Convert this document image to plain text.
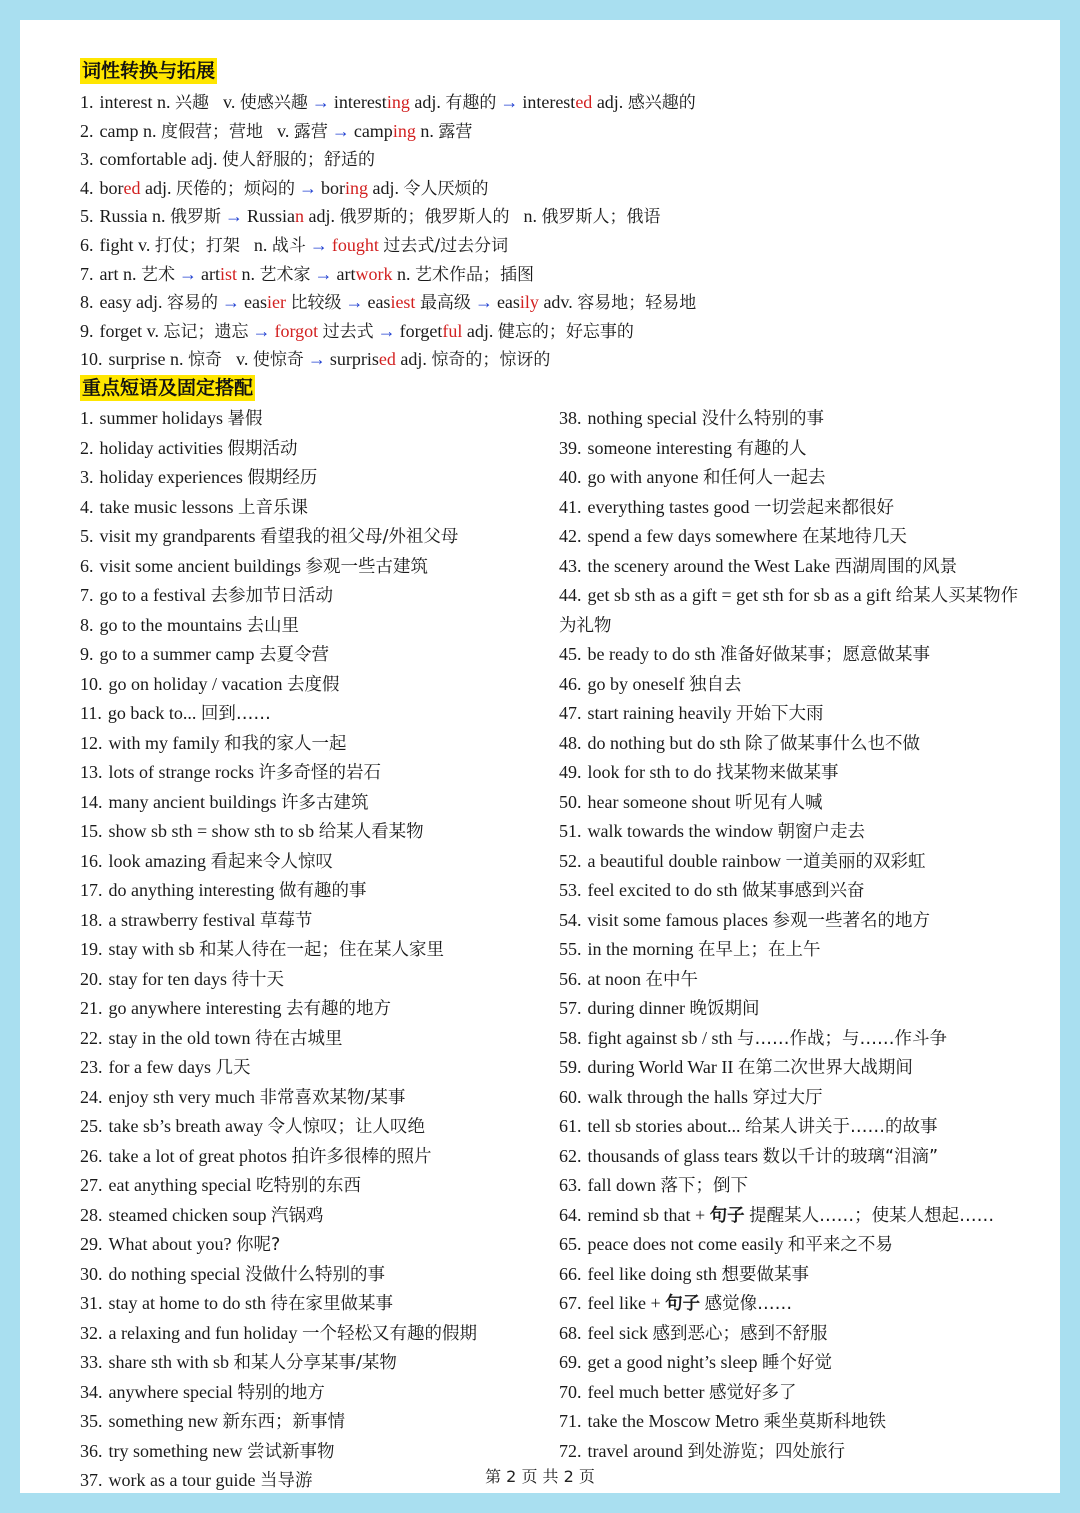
词性转换与拓展
1. interest n. 兴趣 v. 使感兴趣 → interesting adj. 有趣的 → interested adj. 感兴趣的
2. camp n. 度假营；营地 v. 露营 → camping n. 露营
3. comfortable adj. 使人舒服的；舒适的
4. bored adj. 厌倦的；烦闷的 → boring adj. 令人厌烦的
5. Russia n. 俄罗斯 → Russian adj. 俄罗斯的；俄罗斯人的 n. 俄罗斯人；俄语
6. fight v. 打仗；打架 n. 战斗 → fought 过去式/过去分词
7. art n. 艺术 → artist n. 艺术家 → artwork n. 艺术作品；插图
8. easy adj. 容易的 → easier 比较级 → easiest 最高级 → easily adv. 容易地；轻易地
9. forget v. 忘记；遗忘 → forgot 过去式 → forgetful adj. 健忘的；好忘事的
10. surprise n. 惊奇 v. 使惊奇 → surprised adj. 惊奇的；惊讶的
重点短语及固定搭配
1. summer holidays 暑假
2. holiday activities 假期活动
3. holiday experiences 假期经历
4. take music lessons 上音乐课
5. visit my grandparents 看望我的祖父母/外祖父母
6. visit some ancient buildings 参观一些古建筑
7. go to a festival 去参加节日活动
8. go to the mountains 去山里
9. go to a summer camp 去夏令营
10. go on holiday / vacation 去度假
11. go back to... 回到……
12. with my family 和我的家人一起
13. lots of strange rocks 许多奇怪的岩石
14. many ancient buildings 许多古建筑
15. show sb sth = show sth to sb 给某人看某物
16. look amazing 看起来令人惊叹
17. do anything interesting 做有趣的事
18. a strawberry festival 草莓节
19. stay with sb 和某人待在一起；住在某人家里
20. stay for ten days 待十天
21. go anywhere interesting 去有趣的地方
22. stay in the old town 待在古城里
23. for a few days 几天
24. enjoy sth very much 非常喜欢某物/某事
25. take sb’s breath away 令人惊叹；让人叹绝
26. take a lot of great photos 拍许多很棒的照片
27. eat anything special 吃特别的东西
28. steamed chicken soup 汽锅鸡
29. What about you? 你呢?
30. do nothing special 没做什么特别的事
31. stay at home to do sth 待在家里做某事
32. a relaxing and fun holiday 一个轻松又有趣的假期
33. share sth with sb 和某人分享某事/某物
34. anywhere special 特别的地方
35. something new 新东西；新事情
36. try something new 尝试新事物
37. work as a tour guide 当导游
38. nothing special 没什么特别的事
39. someone interesting 有趣的人
40. go with anyone 和任何人一起去
41. everything tastes good 一切尝起来都很好
42. spend a few days somewhere 在某地待几天
43. the scenery around the West Lake 西湖周围的风景
44. get sb sth as a gift = get sth for sb as a gift 给某人买某物作为礼物
45. be ready to do sth 准备好做某事；愿意做某事
46. go by oneself 独自去
47. start raining heavily 开始下大雨
48. do nothing but do sth 除了做某事什么也不做
49. look for sth to do 找某物来做某事
50. hear someone shout 听见有人喊
51. walk towards the window 朝窗户走去
52. a beautiful double rainbow 一道美丽的双彩虹
53. feel excited to do sth 做某事感到兴奋
54. visit some famous places 参观一些著名的地方
55. in the morning 在早上；在上午
56. at noon 在中午
57. during dinner 晚饭期间
58. fight against sb / sth 与……作战；与……作斗争
59. during World War II 在第二次世界大战期间
60. walk through the halls 穿过大厅
61. tell sb stories about... 给某人讲关于……的故事
62. thousands of glass tears 数以千计的玻璃“泪滴”
63. fall down 落下；倒下
64. remind sb that + 句子 提醒某人……；使某人想起……
65. peace does not come easily 和平来之不易
66. feel like doing sth 想要做某事
67. feel like + 句子 感觉像……
68. feel sick 感到恶心；感到不舒服
69. get a good night’s sleep 睡个好觉
70. feel much better 感觉好多了
71. take the Moscow Metro 乘坐莫斯科地铁
72. travel around 到处游览；四处旅行
第 2 页 共 2 页
